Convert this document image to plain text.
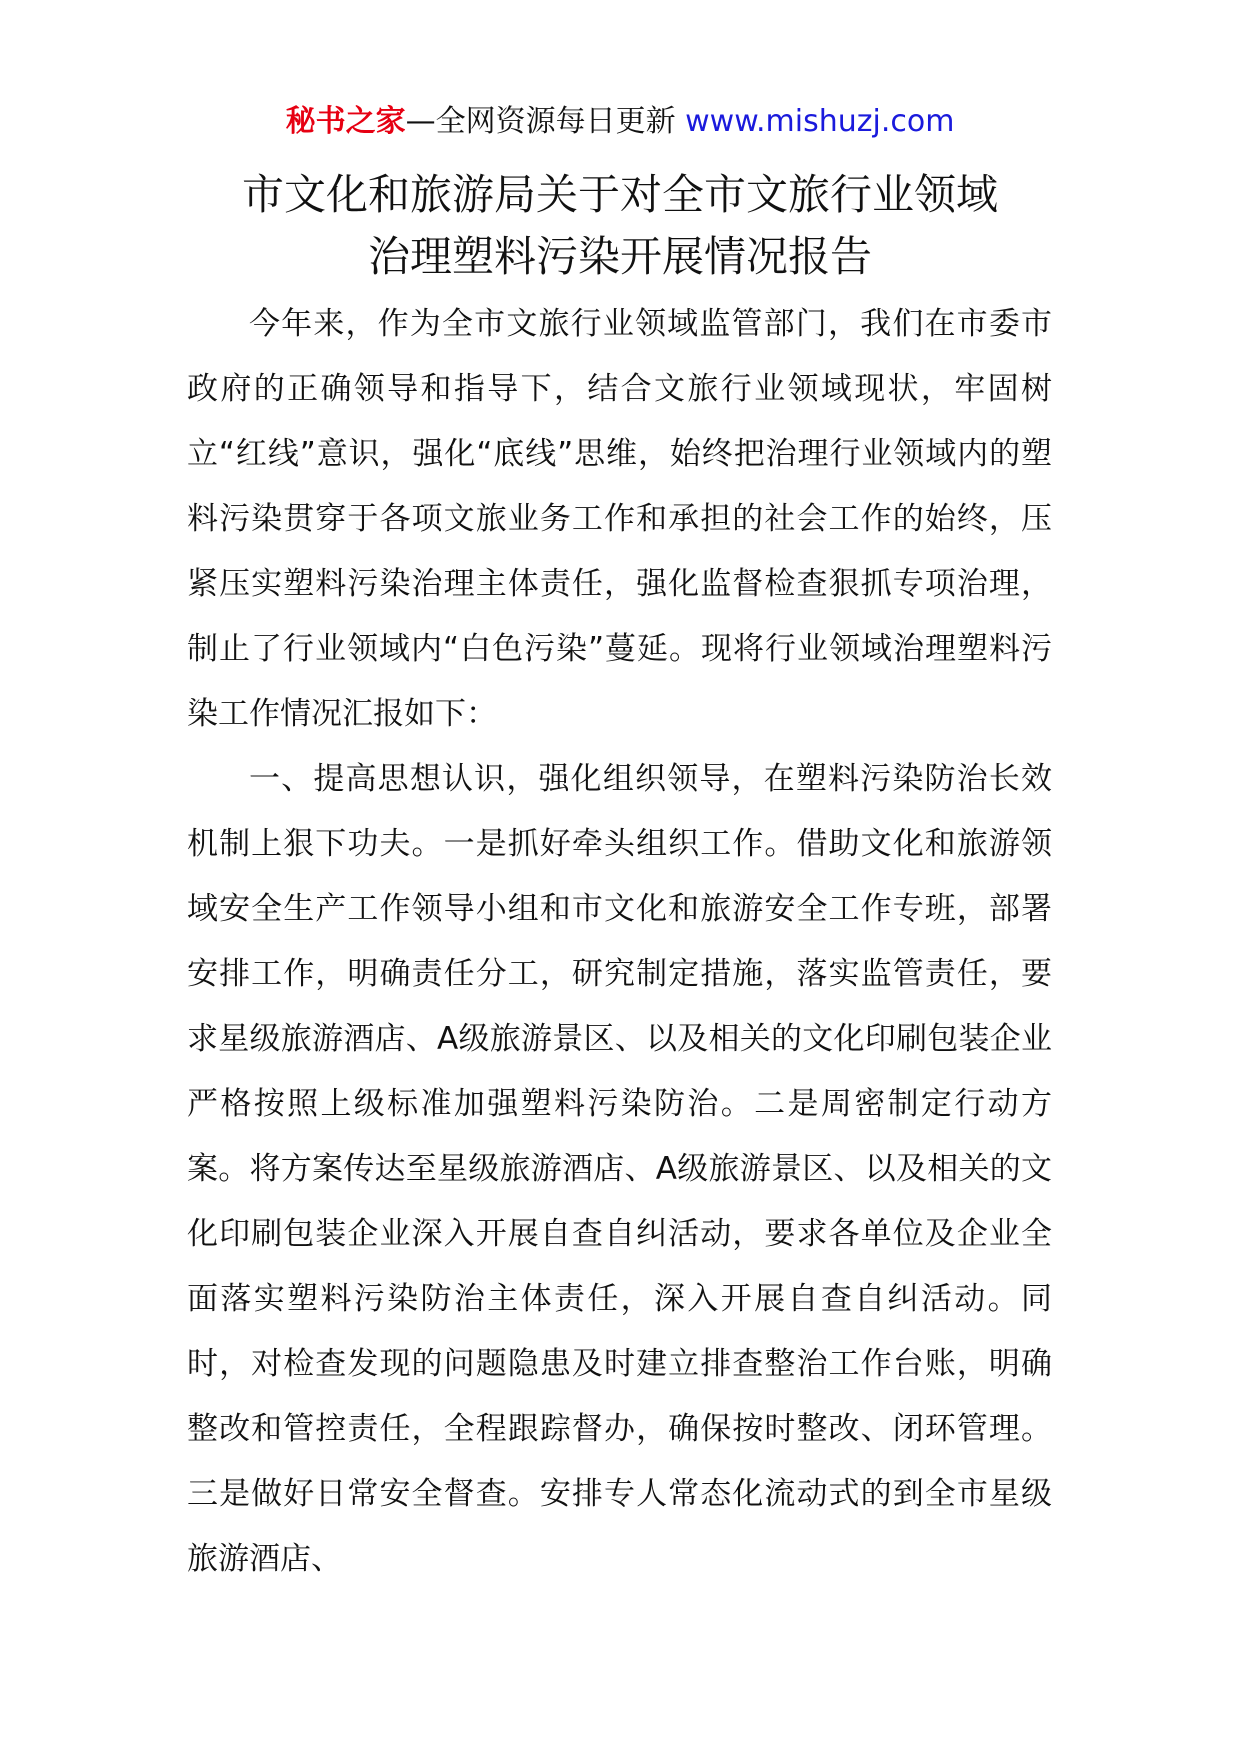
秘书之家—全网资源每日更新 www.mishuzj.com
市文化和旅游局关于对全市文旅行业领域
治理塑料污染开展情况报告

今年来，作为全市文旅行业领域监管部门，我们在市委市政府的正确领导和指导下，结合文旅行业领域现状，牢固树立“红线”意识，强化“底线”思维，始终把治理行业领域内的塑料污染贯穿于各项文旅业务工作和承担的社会工作的始终，压紧压实塑料污染治理主体责任，强化监督检查狠抓专项治理，制止了行业领域内“白色污染”蔓延。现将行业领域治理塑料污染工作情况汇报如下：

一、提高思想认识，强化组织领导，在塑料污染防治长效机制上狠下功夫。一是抓好牵头组织工作。借助文化和旅游领域安全生产工作领导小组和市文化和旅游安全工作专班，部署安排工作，明确责任分工，研究制定措施，落实监管责任，要求星级旅游酒店、A级旅游景区、以及相关的文化印刷包装企业严格按照上级标准加强塑料污染防治。二是周密制定行动方案。将方案传达至星级旅游酒店、A级旅游景区、以及相关的文化印刷包装企业深入开展自查自纠活动，要求各单位及企业全面落实塑料污染防治主体责任，深入开展自查自纠活动。同时，对检查发现的问题隐患及时建立排查整治工作台账，明确整改和管控责任，全程跟踪督办，确保按时整改、闭环管理。三是做好日常安全督查。安排专人常态化流动式的到全市星级旅游酒店、
